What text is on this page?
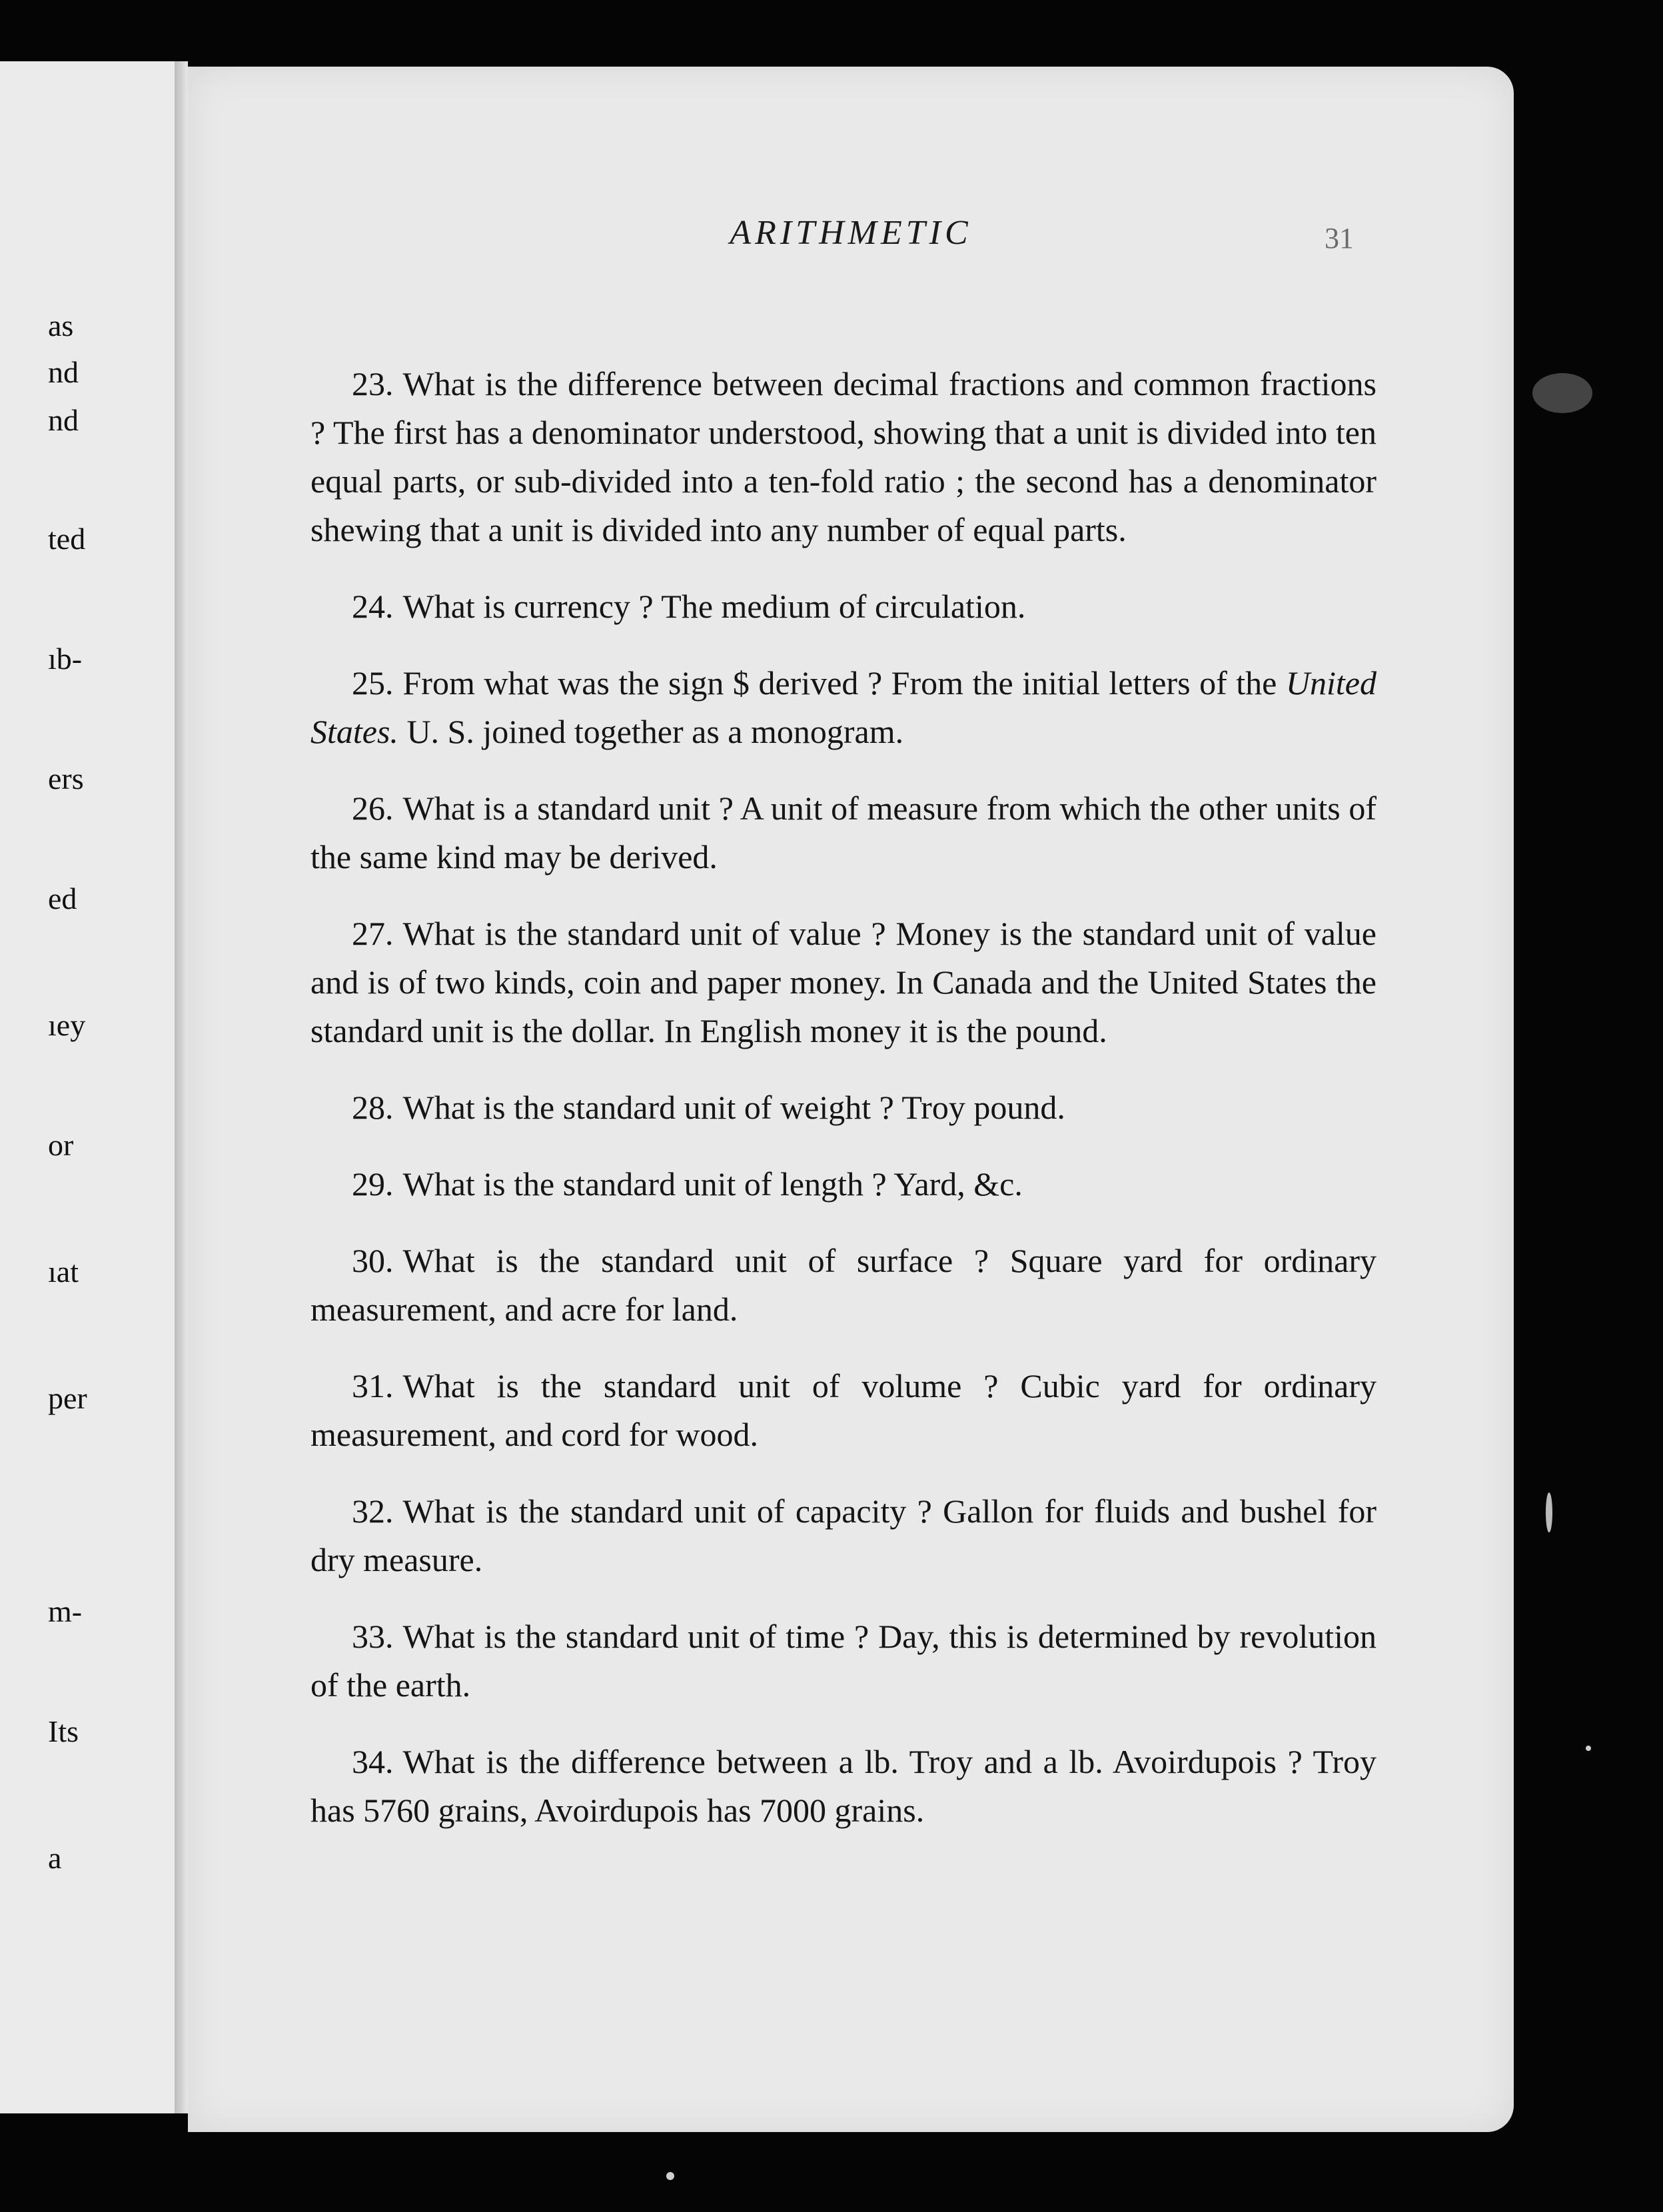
as
nd
nd
ted
ıb-
ers
ed
ıey
or
ıat
per
m-
Its
a
ARITHMETIC	31

23. What is the difference between decimal fractions and common fractions ? The first has a denominator understood, showing that a unit is divided into ten equal parts, or sub-divided into a ten-fold ratio ; the second has a denominator shewing that a unit is divided into any number of equal parts.

24. What is currency ? The medium of circulation.

25. From what was the sign $ derived ? From the initial letters of the United States. U. S. joined together as a monogram.

26. What is a standard unit ? A unit of measure from which the other units of the same kind may be derived.

27. What is the standard unit of value ? Money is the standard unit of value and is of two kinds, coin and paper money. In Canada and the United States the standard unit is the dollar. In English money it is the pound.

28. What is the standard unit of weight ? Troy pound.

29. What is the standard unit of length ? Yard, &c.

30. What is the standard unit of surface ? Square yard for ordinary measurement, and acre for land.

31. What is the standard unit of volume ? Cubic yard for ordinary measurement, and cord for wood.

32. What is the standard unit of capacity ? Gallon for fluids and bushel for dry measure.

33. What is the standard unit of time ? Day, this is determined by revolution of the earth.

34. What is the difference between a lb. Troy and a lb. Avoirdupois ? Troy has 5760 grains, Avoirdupois has 7000 grains.
